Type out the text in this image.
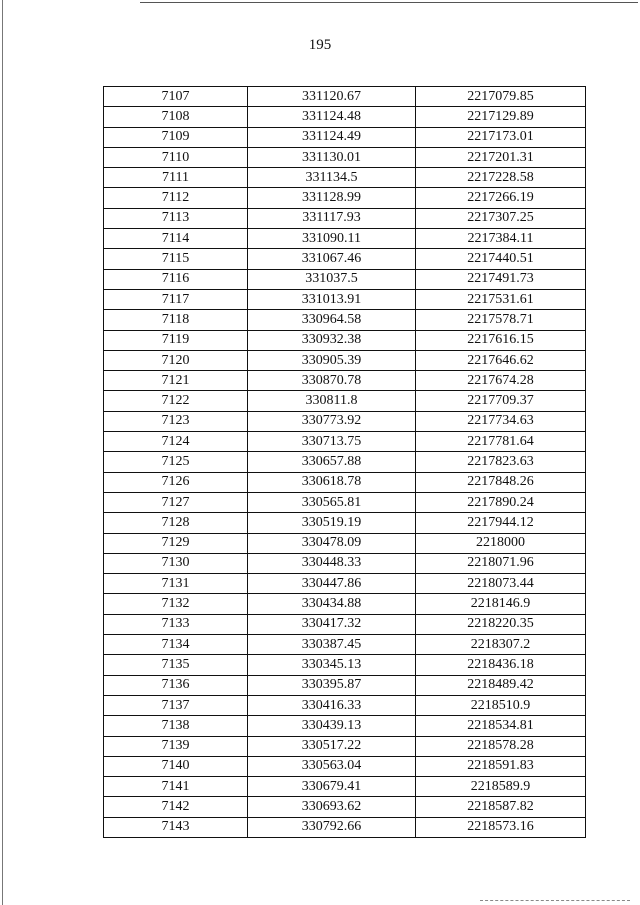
195
7107	331120.67	2217079.85
7108	331124.48	2217129.89
7109	331124.49	2217173.01
7110	331130.01	2217201.31
7111	331134.5	2217228.58
7112	331128.99	2217266.19
7113	331117.93	2217307.25
7114	331090.11	2217384.11
7115	331067.46	2217440.51
7116	331037.5	2217491.73
7117	331013.91	2217531.61
7118	330964.58	2217578.71
7119	330932.38	2217616.15
7120	330905.39	2217646.62
7121	330870.78	2217674.28
7122	330811.8	2217709.37
7123	330773.92	2217734.63
7124	330713.75	2217781.64
7125	330657.88	2217823.63
7126	330618.78	2217848.26
7127	330565.81	2217890.24
7128	330519.19	2217944.12
7129	330478.09	2218000
7130	330448.33	2218071.96
7131	330447.86	2218073.44
7132	330434.88	2218146.9
7133	330417.32	2218220.35
7134	330387.45	2218307.2
7135	330345.13	2218436.18
7136	330395.87	2218489.42
7137	330416.33	2218510.9
7138	330439.13	2218534.81
7139	330517.22	2218578.28
7140	330563.04	2218591.83
7141	330679.41	2218589.9
7142	330693.62	2218587.82
7143	330792.66	2218573.16
